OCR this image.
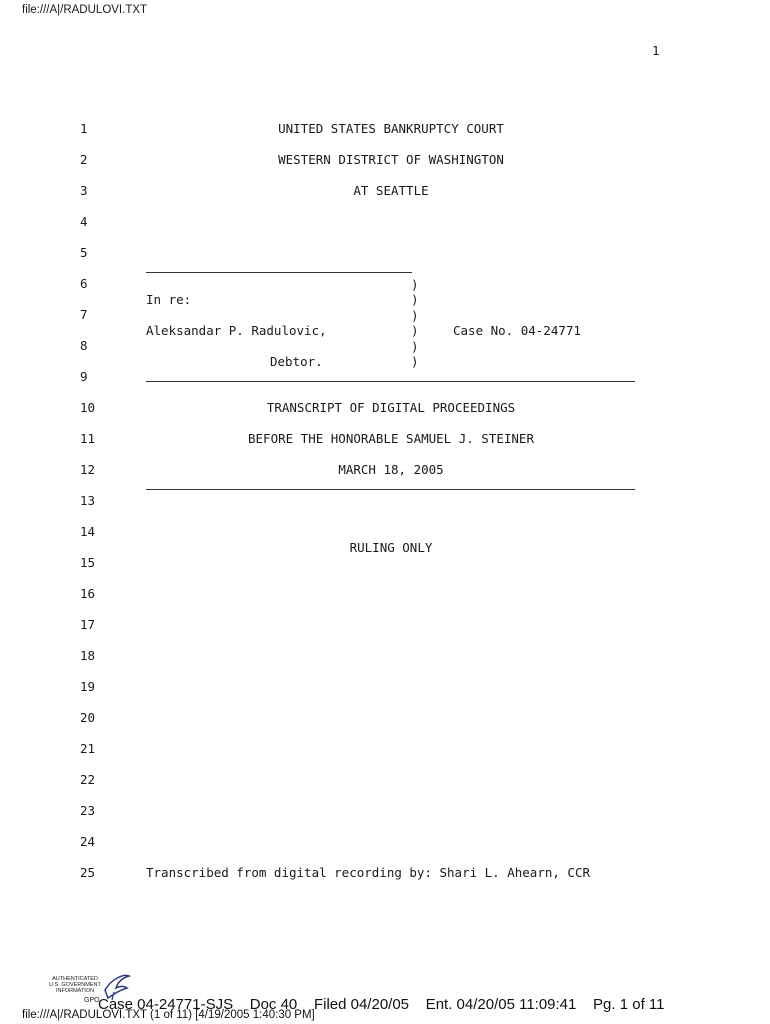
file:///A|/RADULOVI.TXT
1
1	UNITED STATES BANKRUPTCY COURT
2	WESTERN DISTRICT OF WASHINGTON
3	AT SEATTLE
4
5
6
7
8
9
10	TRANSCRIPT OF DIGITAL PROCEEDINGS
11	BEFORE THE HONORABLE SAMUEL J. STEINER
12	MARCH 18, 2005
13
14
15
16
17
18
19
20
21
22
23
24
25	Transcribed from digital recording by: Shari L. Ahearn, CCR
)
In re:	)
)
Aleksandar P. Radulovic,	)	Case No. 04-24771
)
Debtor.	)
RULING ONLY
AUTHENTICATED
U.S. GOVERNMENT
INFORMATION
GPO
Case 04-24771-SJS    Doc 40    Filed 04/20/05    Ent. 04/20/05 11:09:41    Pg. 1 of 11
file:///A|/RADULOVI.TXT (1 of 11) [4/19/2005 1:40:30 PM]
